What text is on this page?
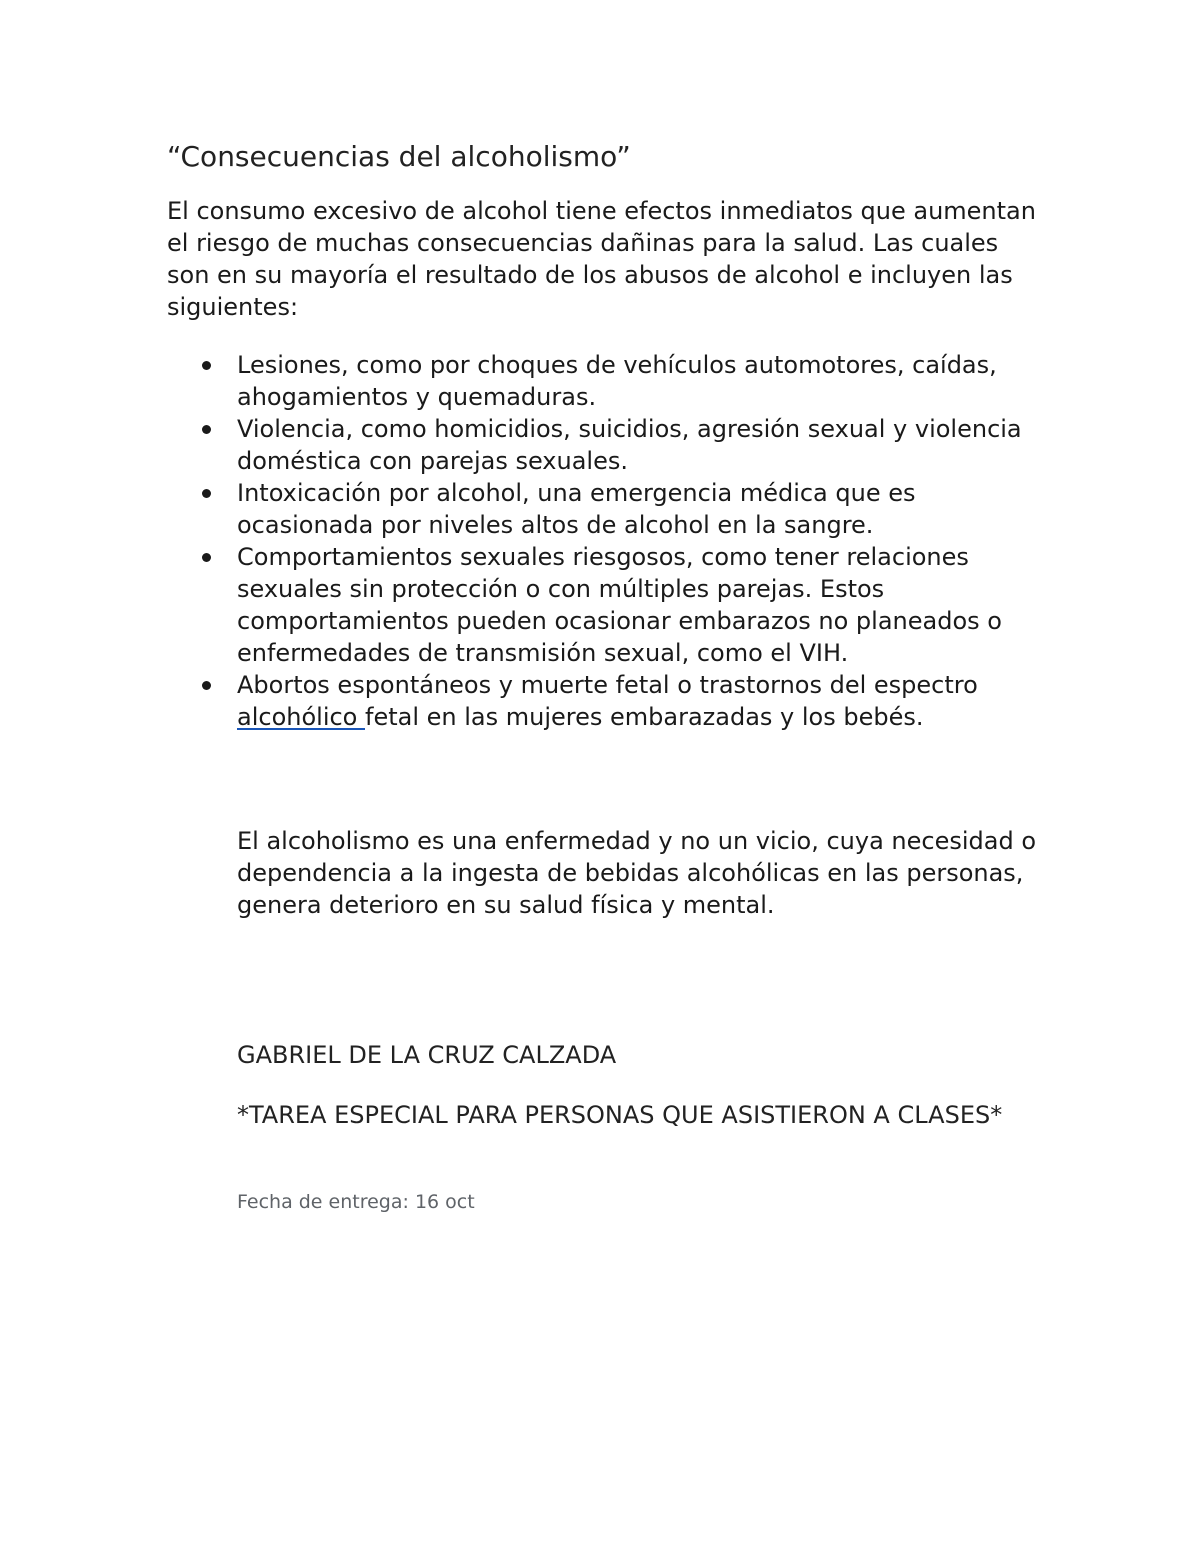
“Consecuencias del alcoholismo”

El consumo excesivo de alcohol tiene efectos inmediatos que aumentan el riesgo de muchas consecuencias dañinas para la salud. Las cuales son en su mayoría el resultado de los abusos de alcohol e incluyen las siguientes:

Lesiones, como por choques de vehículos automotores, caídas, ahogamientos y quemaduras.
Violencia, como homicidios, suicidios, agresión sexual y violencia doméstica con parejas sexuales.
Intoxicación por alcohol, una emergencia médica que es ocasionada por niveles altos de alcohol en la sangre.
Comportamientos sexuales riesgosos, como tener relaciones sexuales sin protección o con múltiples parejas. Estos comportamientos pueden ocasionar embarazos no planeados o enfermedades de transmisión sexual, como el VIH.
Abortos espontáneos y muerte fetal o trastornos del espectro alcohólico fetal en las mujeres embarazadas y los bebés.

El alcoholismo es una enfermedad y no un vicio, cuya necesidad o dependencia a la ingesta de bebidas alcohólicas en las personas, genera deterioro en su salud física y mental.

GABRIEL DE LA CRUZ CALZADA

*TAREA ESPECIAL PARA PERSONAS QUE ASISTIERON A CLASES*

Fecha de entrega: 16 oct
